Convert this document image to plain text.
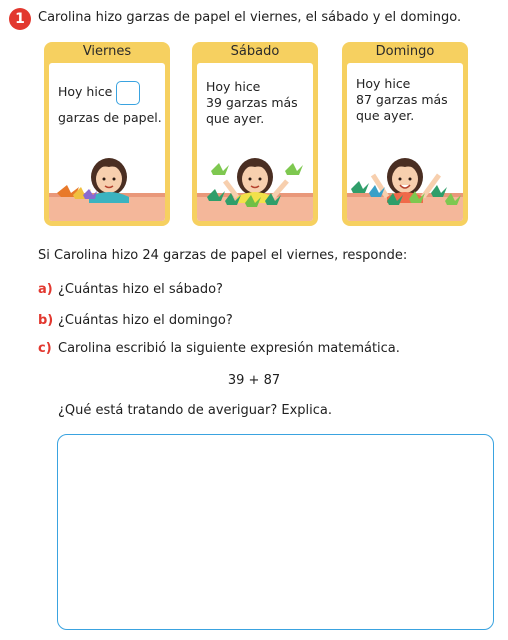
1	Carolina hizo garzas de papel el viernes, el sábado y el domingo.
Viernes
Hoy hice
garzas de papel.
Sábado
Hoy hice
39 garzas más
que ayer.
Domingo
Hoy hice
87 garzas más
que ayer.
Si Carolina hizo 24 garzas de papel el viernes, responde:
a) ¿Cuántas hizo el sábado?
b) ¿Cuántas hizo el domingo?
c) Carolina escribió la siguiente expresión matemática.
39 + 87
¿Qué está tratando de averiguar? Explica.
